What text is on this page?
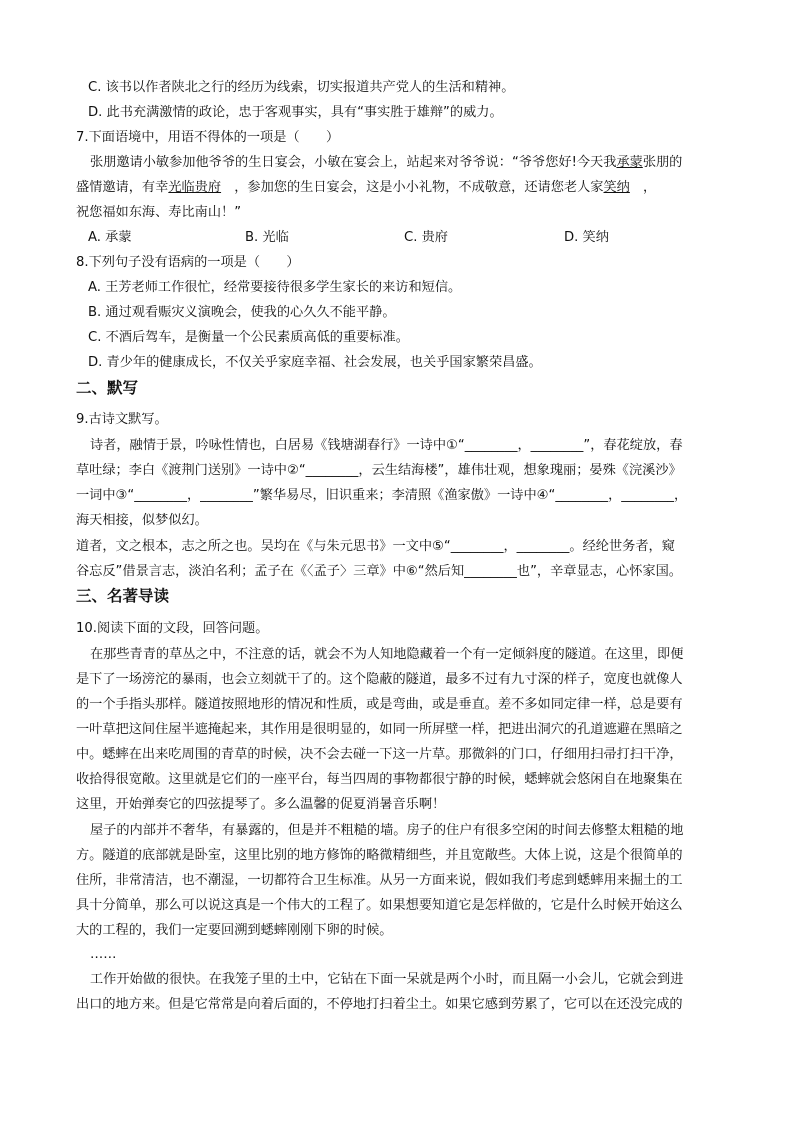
C. 该书以作者陕北之行的经历为线索，切实报道共产党人的生活和精神。
D. 此书充满激情的政论，忠于客观事实，具有“事实胜于雄辩”的威力。
7.下面语境中，用语不得体的一项是（　　）
张朋邀请小敏参加他爷爷的生日宴会，小敏在宴会上，站起来对爷爷说：“爷爷您好!今天我承蒙张朋的
盛情邀请，有幸光临贵府　，参加您的生日宴会，这是小小礼物，不成敬意，还请您老人家笑纳　，
祝您福如东海、寿比南山！”
A. 承蒙	B. 光临	C. 贵府	D. 笑纳
8.下列句子没有语病的一项是（　　）
A. 王芳老师工作很忙，经常要接待很多学生家长的来访和短信。
B. 通过观看赈灾义演晚会，使我的心久久不能平静。
C. 不酒后驾车，是衡量一个公民素质高低的重要标准。
D. 青少年的健康成长，不仅关乎家庭幸福、社会发展，也关乎国家繁荣昌盛。
二、默写
9.古诗文默写。
诗者，融情于景，吟咏性情也，白居易《钱塘湖春行》一诗中①“________，________”，春花绽放，春
草吐绿；李白《渡荆门送别》一诗中②“________，云生结海楼”，雄伟壮观，想象瑰丽；晏殊《浣溪沙》
一词中③“________，________”繁华易尽，旧识重来；李清照《渔家傲》一诗中④“________，________，
海天相接，似梦似幻。
道者，文之根本，志之所之也。吴均在《与朱元思书》一文中⑤“________，________。经纶世务者，窥
谷忘反”借景言志，淡泊名利；孟子在《〈孟子〉三章》中⑥“然后知________也”，辛章显志，心怀家国。
三、名著导读
10.阅读下面的文段，回答问题。
在那些青青的草丛之中，不注意的话，就会不为人知地隐藏着一个有一定倾斜度的隧道。在这里，即便
是下了一场滂沱的暴雨，也会立刻就干了的。这个隐蔽的隧道，最多不过有九寸深的样子，宽度也就像人
的一个手指头那样。隧道按照地形的情况和性质，或是弯曲，或是垂直。差不多如同定律一样，总是要有
一叶草把这间住屋半遮掩起来，其作用是很明显的，如同一所屏壁一样，把进出洞穴的孔道遮避在黑暗之
中。蟋蟀在出来吃周围的青草的时候，决不会去碰一下这一片草。那微斜的门口，仔细用扫帚打扫干净，
收拾得很宽敞。这里就是它们的一座平台，每当四周的事物都很宁静的时候，蟋蟀就会悠闲自在地聚集在
这里，开始弹奏它的四弦提琴了。多么温馨的促夏消暑音乐啊！
屋子的内部并不奢华，有暴露的，但是并不粗糙的墙。房子的住户有很多空闲的时间去修整太粗糙的地
方。隧道的底部就是卧室，这里比别的地方修饰的略微精细些，并且宽敞些。大体上说，这是个很简单的
住所，非常清洁，也不潮湿，一切都符合卫生标准。从另一方面来说，假如我们考虑到蟋蟀用来掘土的工
具十分简单，那么可以说这真是一个伟大的工程了。如果想要知道它是怎样做的，它是什么时候开始这么
大的工程的，我们一定要回溯到蟋蟀刚刚下卵的时候。
……
工作开始做的很快。在我笼子里的土中，它钻在下面一呆就是两个小时，而且隔一小会儿，它就会到进
出口的地方来。但是它常常是向着后面的，不停地打扫着尘土。如果它感到劳累了，它可以在还没完成的
